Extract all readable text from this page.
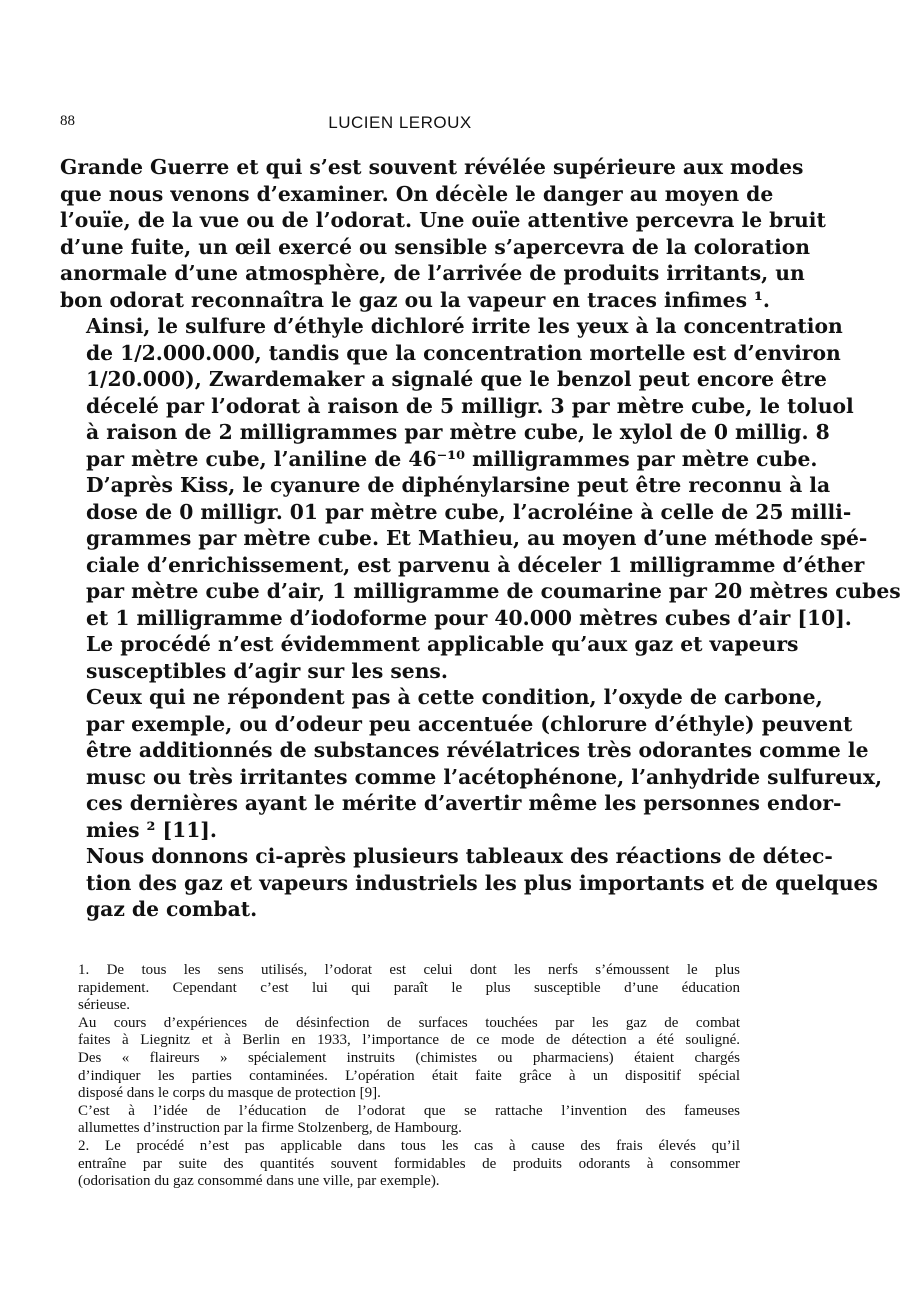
88	LUCIEN LEROUX

Grande Guerre et qui s’est souvent révélée supérieure aux modes
que nous venons d’examiner. On décèle le danger au moyen de
l’ouïe, de la vue ou de l’odorat. Une ouïe attentive percevra le bruit
d’une fuite, un œil exercé ou sensible s’apercevra de la coloration
anormale d’une atmosphère, de l’arrivée de produits irritants, un
bon odorat reconnaîtra le gaz ou la vapeur en traces infimes ¹.

Ainsi, le sulfure d’éthyle dichloré irrite les yeux à la concentration
de 1/2.000.000, tandis que la concentration mortelle est d’environ
1/20.000), Zwardemaker a signalé que le benzol peut encore être
décelé par l’odorat à raison de 5 milligr. 3 par mètre cube, le toluol
à raison de 2 milligrammes par mètre cube, le xylol de 0 millig. 8
par mètre cube, l’aniline de 46⁻¹⁰ milligrammes par mètre cube.
D’après Kiss, le cyanure de diphénylarsine peut être reconnu à la
dose de 0 milligr. 01 par mètre cube, l’acroléine à celle de 25 milli-
grammes par mètre cube. Et Mathieu, au moyen d’une méthode spé-
ciale d’enrichissement, est parvenu à déceler 1 milligramme d’éther
par mètre cube d’air, 1 milligramme de coumarine par 20 mètres cubes
et 1 milligramme d’iodoforme pour 40.000 mètres cubes d’air [10].
Le procédé n’est évidemment applicable qu’aux gaz et vapeurs
susceptibles d’agir sur les sens.

Ceux qui ne répondent pas à cette condition, l’oxyde de carbone,
par exemple, ou d’odeur peu accentuée (chlorure d’éthyle) peuvent
être additionnés de substances révélatrices très odorantes comme le
musc ou très irritantes comme l’acétophénone, l’anhydride sulfureux,
ces dernières ayant le mérite d’avertir même les personnes endor-
mies ² [11].

Nous donnons ci-après plusieurs tableaux des réactions de détec-
tion des gaz et vapeurs industriels les plus importants et de quelques
gaz de combat.

1. De tous les sens utilisés, l’odorat est celui dont les nerfs s’émoussent le plus
rapidement. Cependant c’est lui qui paraît le plus susceptible d’une éducation
sérieuse.

Au cours d’expériences de désinfection de surfaces touchées par les gaz de combat
faites à Liegnitz et à Berlin en 1933, l’importance de ce mode de détection a été souligné.
Des « flaireurs » spécialement instruits (chimistes ou pharmaciens) étaient chargés
d’indiquer les parties contaminées. L’opération était faite grâce à un dispositif spécial
disposé dans le corps du masque de protection [9].

C’est à l’idée de l’éducation de l’odorat que se rattache l’invention des fameuses
allumettes d’instruction par la firme Stolzenberg, de Hambourg.

2. Le procédé n’est pas applicable dans tous les cas à cause des frais élevés qu’il
entraîne par suite des quantités souvent formidables de produits odorants à consommer
(odorisation du gaz consommé dans une ville, par exemple).
